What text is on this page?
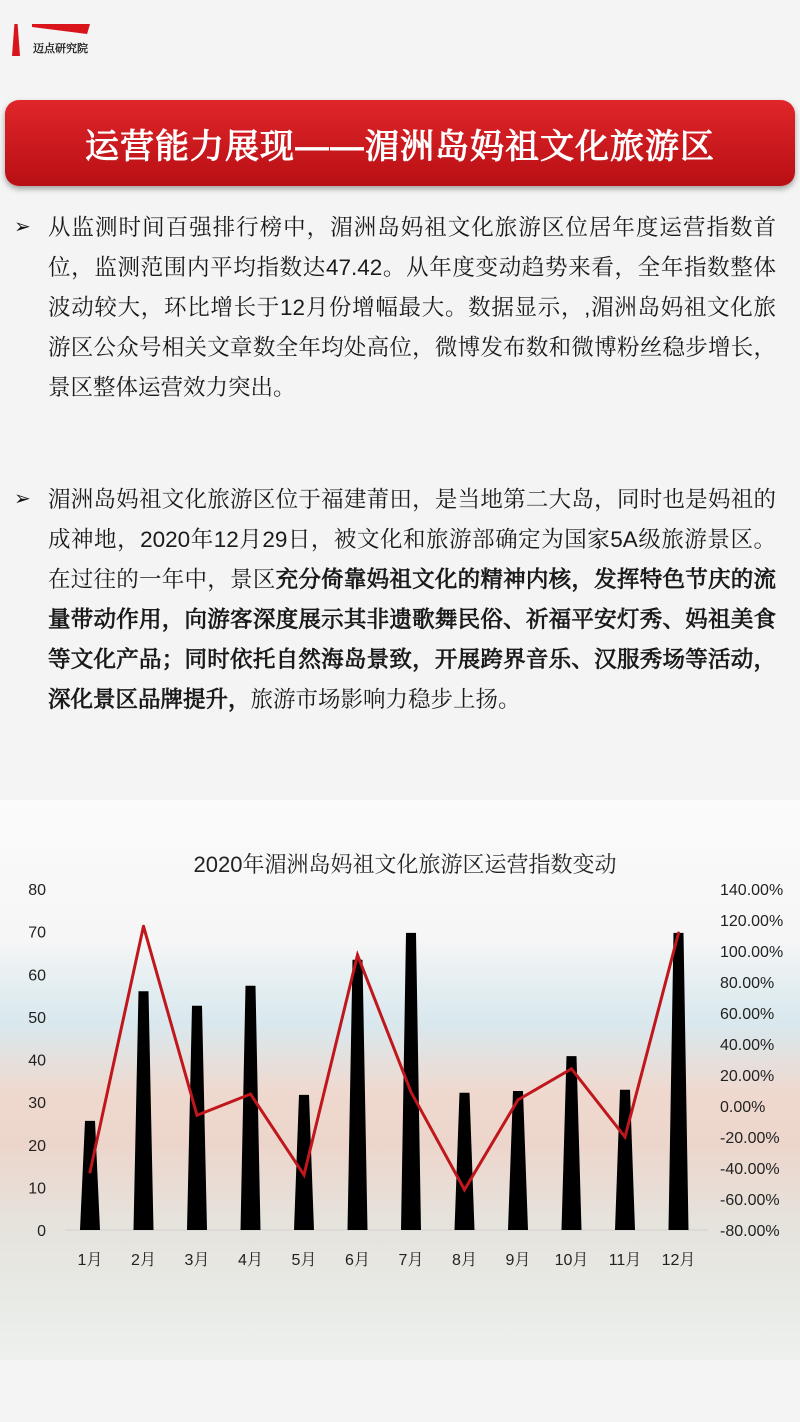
迈点研究院
运营能力展现——湄洲岛妈祖文化旅游区
➢ 从监测时间百强排行榜中，湄洲岛妈祖文化旅游区位居年度运营指数首位，监测范围内平均指数达47.42。从年度变动趋势来看，全年指数整体波动较大，环比增长于12月份增幅最大。数据显示，,湄洲岛妈祖文化旅游区公众号相关文章数全年均处高位，微博发布数和微博粉丝稳步增长，景区整体运营效力突出。

➢ 湄洲岛妈祖文化旅游区位于福建莆田，是当地第二大岛，同时也是妈祖的成神地，2020年12月29日，被文化和旅游部确定为国家5A级旅游景区。在过往的一年中，景区充分倚靠妈祖文化的精神内核，发挥特色节庆的流量带动作用，向游客深度展示其非遗歌舞民俗、祈福平安灯秀、妈祖美食等文化产品；同时依托自然海岛景致，开展跨界音乐、汉服秀场等活动，深化景区品牌提升，旅游市场影响力稳步上扬。

2020年湄洲岛妈祖文化旅游区运营指数变动
0
10
20
30
40
50
60
70
80
-80.00%
-60.00%
-40.00%
-20.00%
0.00%
20.00%
40.00%
60.00%
80.00%
100.00%
120.00%
140.00%
1月 2月 3月 4月 5月 6月 7月 8月 9月 10月 11月 12月
